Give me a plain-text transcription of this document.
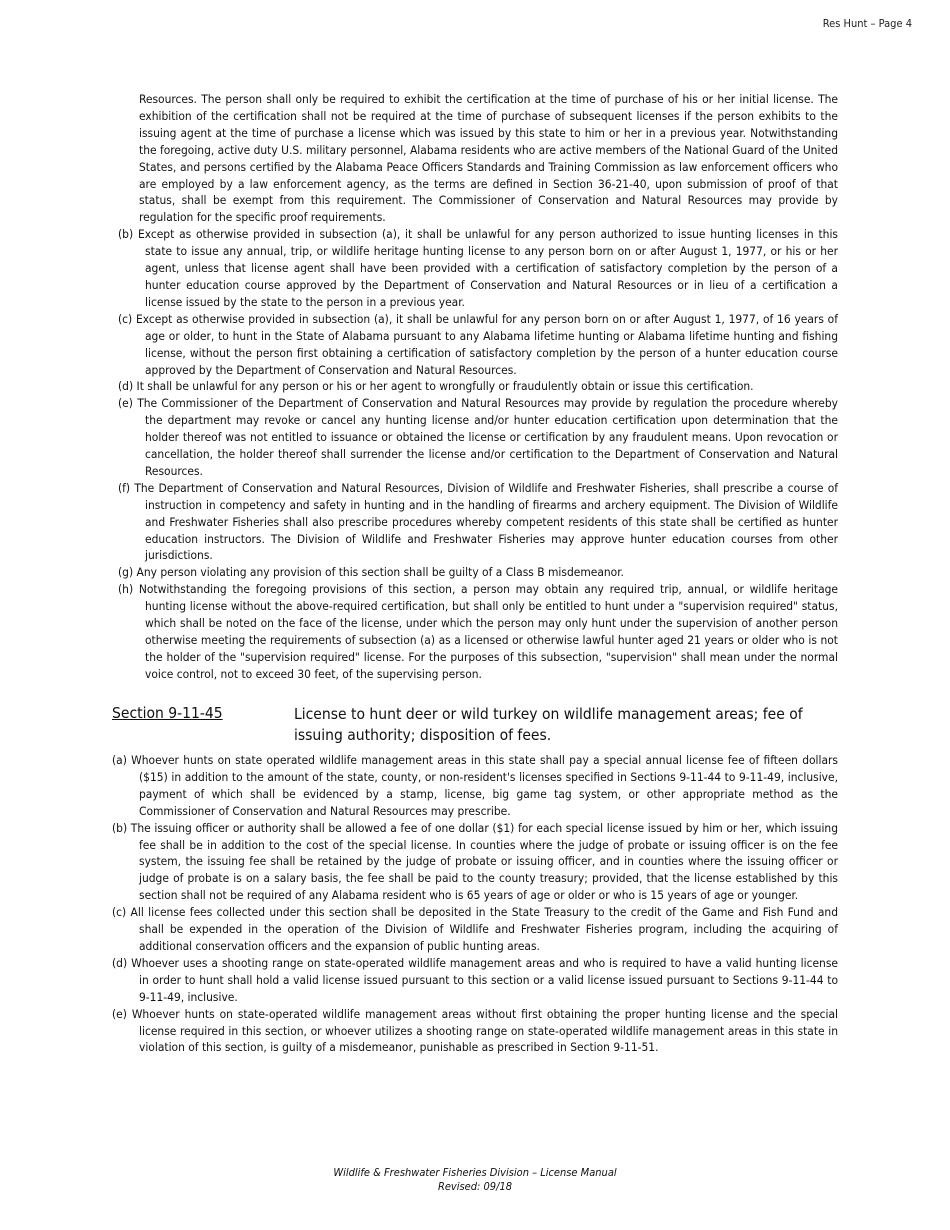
Res Hunt – Page 4
Resources. The person shall only be required to exhibit the certification at the time of purchase of his or her initial license. The exhibition of the certification shall not be required at the time of purchase of subsequent licenses if the person exhibits to the issuing agent at the time of purchase a license which was issued by this state to him or her in a previous year. Notwithstanding the foregoing, active duty U.S. military personnel, Alabama residents who are active members of the National Guard of the United States, and persons certified by the Alabama Peace Officers Standards and Training Commission as law enforcement officers who are employed by a law enforcement agency, as the terms are defined in Section 36-21-40, upon submission of proof of that status, shall be exempt from this requirement. The Commissioner of Conservation and Natural Resources may provide by regulation for the specific proof requirements.
(b) Except as otherwise provided in subsection (a), it shall be unlawful for any person authorized to issue hunting licenses in this state to issue any annual, trip, or wildlife heritage hunting license to any person born on or after August 1, 1977, or his or her agent, unless that license agent shall have been provided with a certification of satisfactory completion by the person of a hunter education course approved by the Department of Conservation and Natural Resources or in lieu of a certification a license issued by the state to the person in a previous year.
(c) Except as otherwise provided in subsection (a), it shall be unlawful for any person born on or after August 1, 1977, of 16 years of age or older, to hunt in the State of Alabama pursuant to any Alabama lifetime hunting or Alabama lifetime hunting and fishing license, without the person first obtaining a certification of satisfactory completion by the person of a hunter education course approved by the Department of Conservation and Natural Resources.
(d) It shall be unlawful for any person or his or her agent to wrongfully or fraudulently obtain or issue this certification.
(e) The Commissioner of the Department of Conservation and Natural Resources may provide by regulation the procedure whereby the department may revoke or cancel any hunting license and/or hunter education certification upon determination that the holder thereof was not entitled to issuance or obtained the license or certification by any fraudulent means. Upon revocation or cancellation, the holder thereof shall surrender the license and/or certification to the Department of Conservation and Natural Resources.
(f) The Department of Conservation and Natural Resources, Division of Wildlife and Freshwater Fisheries, shall prescribe a course of instruction in competency and safety in hunting and in the handling of firearms and archery equipment. The Division of Wildlife and Freshwater Fisheries shall also prescribe procedures whereby competent residents of this state shall be certified as hunter education instructors. The Division of Wildlife and Freshwater Fisheries may approve hunter education courses from other jurisdictions.
(g) Any person violating any provision of this section shall be guilty of a Class B misdemeanor.
(h) Notwithstanding the foregoing provisions of this section, a person may obtain any required trip, annual, or wildlife heritage hunting license without the above-required certification, but shall only be entitled to hunt under a "supervision required" status, which shall be noted on the face of the license, under which the person may only hunt under the supervision of another person otherwise meeting the requirements of subsection (a) as a licensed or otherwise lawful hunter aged 21 years or older who is not the holder of the "supervision required" license. For the purposes of this subsection, "supervision" shall mean under the normal voice control, not to exceed 30 feet, of the supervising person.
Section 9-11-45	License to hunt deer or wild turkey on wildlife management areas; fee of issuing authority; disposition of fees.
(a) Whoever hunts on state operated wildlife management areas in this state shall pay a special annual license fee of fifteen dollars ($15) in addition to the amount of the state, county, or non-resident's licenses specified in Sections 9-11-44 to 9-11-49, inclusive, payment of which shall be evidenced by a stamp, license, big game tag system, or other appropriate method as the Commissioner of Conservation and Natural Resources may prescribe.
(b) The issuing officer or authority shall be allowed a fee of one dollar ($1) for each special license issued by him or her, which issuing fee shall be in addition to the cost of the special license. In counties where the judge of probate or issuing officer is on the fee system, the issuing fee shall be retained by the judge of probate or issuing officer, and in counties where the issuing officer or judge of probate is on a salary basis, the fee shall be paid to the county treasury; provided, that the license established by this section shall not be required of any Alabama resident who is 65 years of age or older or who is 15 years of age or younger.
(c) All license fees collected under this section shall be deposited in the State Treasury to the credit of the Game and Fish Fund and shall be expended in the operation of the Division of Wildlife and Freshwater Fisheries program, including the acquiring of additional conservation officers and the expansion of public hunting areas.
(d) Whoever uses a shooting range on state-operated wildlife management areas and who is required to have a valid hunting license in order to hunt shall hold a valid license issued pursuant to this section or a valid license issued pursuant to Sections 9-11-44 to 9-11-49, inclusive.
(e) Whoever hunts on state-operated wildlife management areas without first obtaining the proper hunting license and the special license required in this section, or whoever utilizes a shooting range on state-operated wildlife management areas in this state in violation of this section, is guilty of a misdemeanor, punishable as prescribed in Section 9-11-51.
Wildlife & Freshwater Fisheries Division – License Manual
Revised: 09/18
